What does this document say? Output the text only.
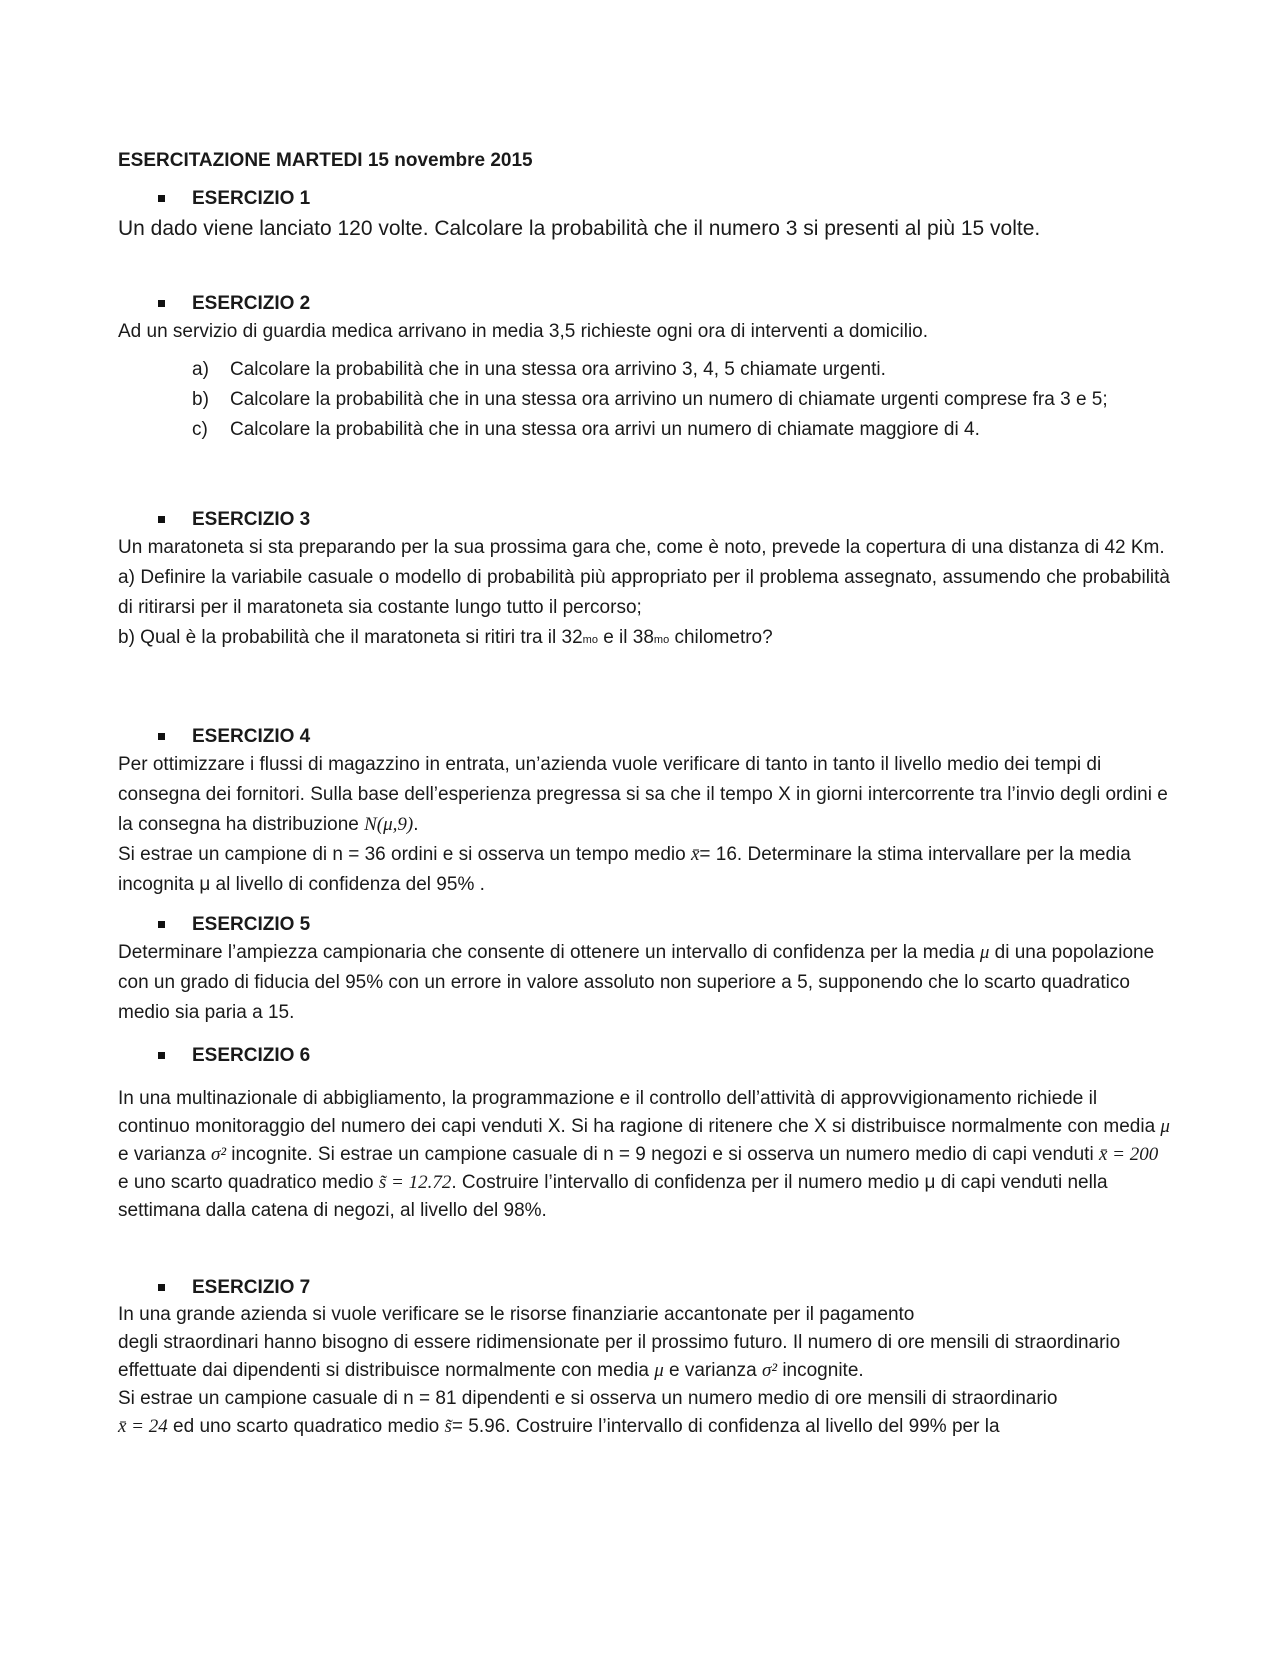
ESERCITAZIONE MARTEDI 15 novembre 2015
ESERCIZIO 1

Un dado viene lanciato 120 volte. Calcolare la probabilità che il numero 3 si presenti al più 15 volte.

ESERCIZIO 2

Ad un servizio di guardia medica arrivano in media 3,5 richieste ogni ora di interventi a domicilio.

a) Calcolare la probabilità che in una stessa ora arrivino 3, 4, 5 chiamate urgenti.
b) Calcolare la probabilità che in una stessa ora arrivino un numero di chiamate urgenti comprese fra 3 e 5;
c) Calcolare la probabilità che in una stessa ora arrivi un numero di chiamate maggiore di 4.
ESERCIZIO 3

Un maratoneta si sta preparando per la sua prossima gara che, come è noto, prevede la copertura di una distanza di 42 Km.

a) Definire la variabile casuale o modello di probabilità più appropriato per il problema assegnato, assumendo che probabilità di ritirarsi per il maratoneta sia costante lungo tutto il percorso;

b) Qual è la probabilità che il maratoneta si ritiri tra il 32mo e il 38mo chilometro?

ESERCIZIO 4

Per ottimizzare i flussi di magazzino in entrata, un’azienda vuole verificare di tanto in tanto il livello medio dei tempi di consegna dei fornitori. Sulla base dell’esperienza pregressa si sa che il tempo X in giorni intercorrente tra l’invio degli ordini e la consegna ha distribuzione N(μ,9).

Si estrae un campione di n = 36 ordini e si osserva un tempo medio x̄= 16. Determinare la stima intervallare per la media incognita μ al livello di confidenza del 95% .

ESERCIZIO 5

Determinare l’ampiezza campionaria che consente di ottenere un intervallo di confidenza per la media μ di una popolazione con un grado di fiducia del 95% con un errore in valore assoluto non superiore a 5, supponendo che lo scarto quadratico medio sia paria a 15.

ESERCIZIO 6

In una multinazionale di abbigliamento, la programmazione e il controllo dell’attività di approvvigionamento richiede il continuo monitoraggio del numero dei capi venduti X. Si ha ragione di ritenere che X si distribuisce normalmente con media μ e varianza σ² incognite. Si estrae un campione casuale di n = 9 negozi e si osserva un numero medio di capi venduti x̄ = 200 e uno scarto quadratico medio s̃ = 12.72. Costruire l’intervallo di confidenza per il numero medio μ di capi venduti nella settimana dalla catena di negozi, al livello del 98%.

ESERCIZIO 7

In una grande azienda si vuole verificare se le risorse finanziarie accantonate per il pagamento

degli straordinari hanno bisogno di essere ridimensionate per il prossimo futuro. Il numero di ore mensili di straordinario effettuate dai dipendenti si distribuisce normalmente con media μ e varianza σ² incognite.

Si estrae un campione casuale di n = 81 dipendenti e si osserva un numero medio di ore mensili di straordinario

x̄ = 24 ed uno scarto quadratico medio s̃= 5.96. Costruire l’intervallo di confidenza al livello del 99% per la
